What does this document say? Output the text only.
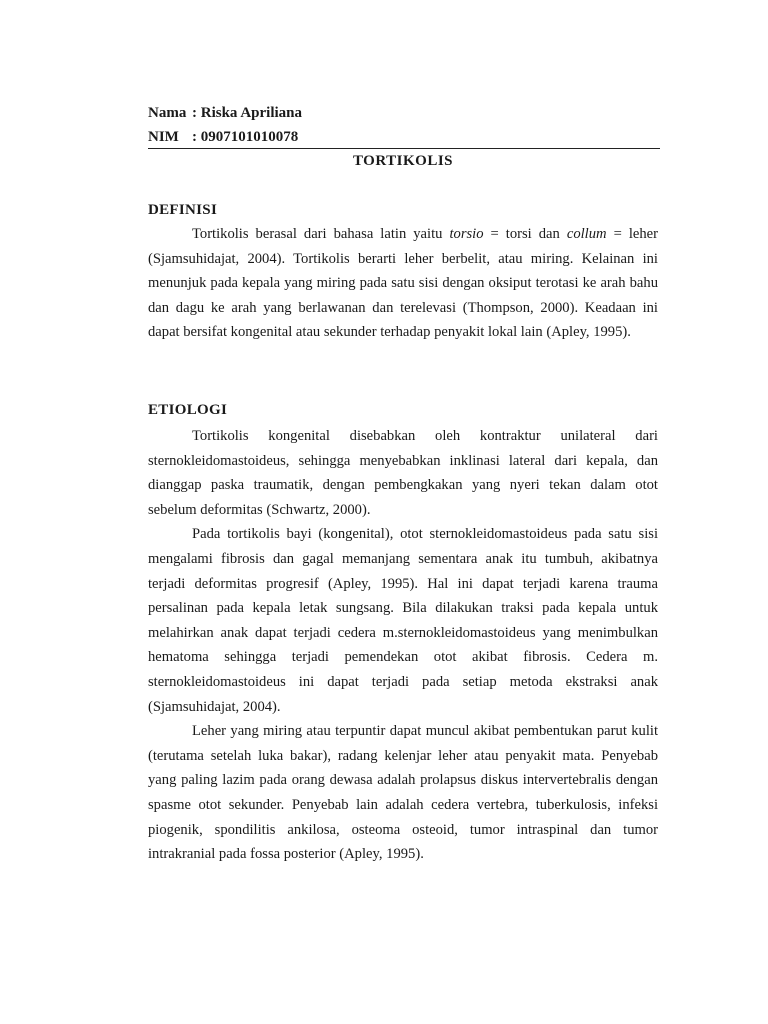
Nama : Riska Apriliana
NIM : 0907101010078
TORTIKOLIS
DEFINISI

Tortikolis berasal dari bahasa latin yaitu torsio = torsi dan collum = leher (Sjamsuhidajat, 2004). Tortikolis berarti leher berbelit, atau miring. Kelainan ini menunjuk pada kepala yang miring pada satu sisi dengan oksiput terotasi ke arah bahu dan dagu ke arah yang berlawanan dan terelevasi (Thompson, 2000). Keadaan ini dapat bersifat kongenital atau sekunder terhadap penyakit lokal lain (Apley, 1995).

ETIOLOGI

Tortikolis kongenital disebabkan oleh kontraktur unilateral dari sternokleidomastoideus, sehingga menyebabkan inklinasi lateral dari kepala, dan dianggap paska traumatik, dengan pembengkakan yang nyeri tekan dalam otot sebelum deformitas (Schwartz, 2000).

Pada tortikolis bayi (kongenital), otot sternokleidomastoideus pada satu sisi mengalami fibrosis dan gagal memanjang sementara anak itu tumbuh, akibatnya terjadi deformitas progresif (Apley, 1995). Hal ini dapat terjadi karena trauma persalinan pada kepala letak sungsang. Bila dilakukan traksi pada kepala untuk melahirkan anak dapat terjadi cedera m.sternokleidomastoideus yang menimbulkan hematoma sehingga terjadi pemendekan otot akibat fibrosis. Cedera m. sternokleidomastoideus ini dapat terjadi pada setiap metoda ekstraksi anak (Sjamsuhidajat, 2004).

Leher yang miring atau terpuntir dapat muncul akibat pembentukan parut kulit (terutama setelah luka bakar), radang kelenjar leher atau penyakit mata. Penyebab yang paling lazim pada orang dewasa adalah prolapsus diskus intervertebralis dengan spasme otot sekunder. Penyebab lain adalah cedera vertebra, tuberkulosis, infeksi piogenik, spondilitis ankilosa, osteoma osteoid, tumor intraspinal dan tumor intrakranial pada fossa posterior (Apley, 1995).
